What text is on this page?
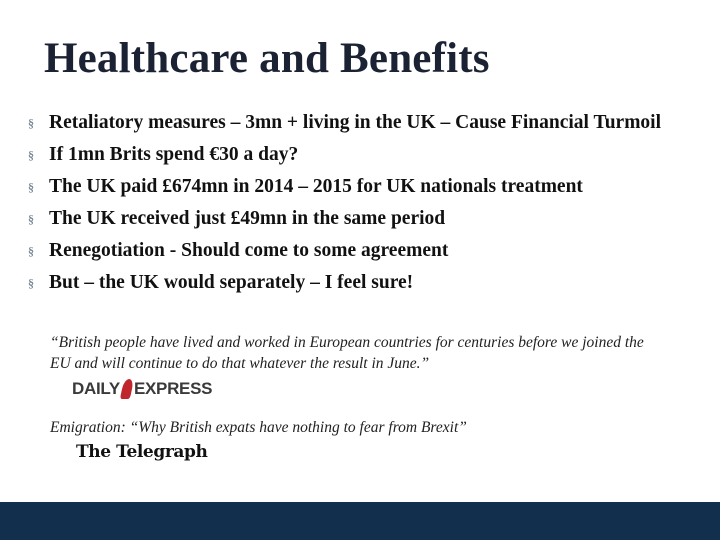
Healthcare and Benefits
§ Retaliatory measures – 3mn + living in the UK – Cause Financial Turmoil
§ If 1mn Brits spend €30 a day?
§ The UK paid £674mn in 2014 – 2015 for UK nationals treatment
§ The UK received just £49mn in the same period
§ Renegotiation - Should come to some agreement
§ But – the UK would separately – I feel sure!
“British people have lived and worked in European countries for centuries before we joined the EU and will continue to do that whatever the result in June.”
DAILY EXPRESS
Emigration: “Why British expats have nothing to fear from Brexit”
The Telegraph
